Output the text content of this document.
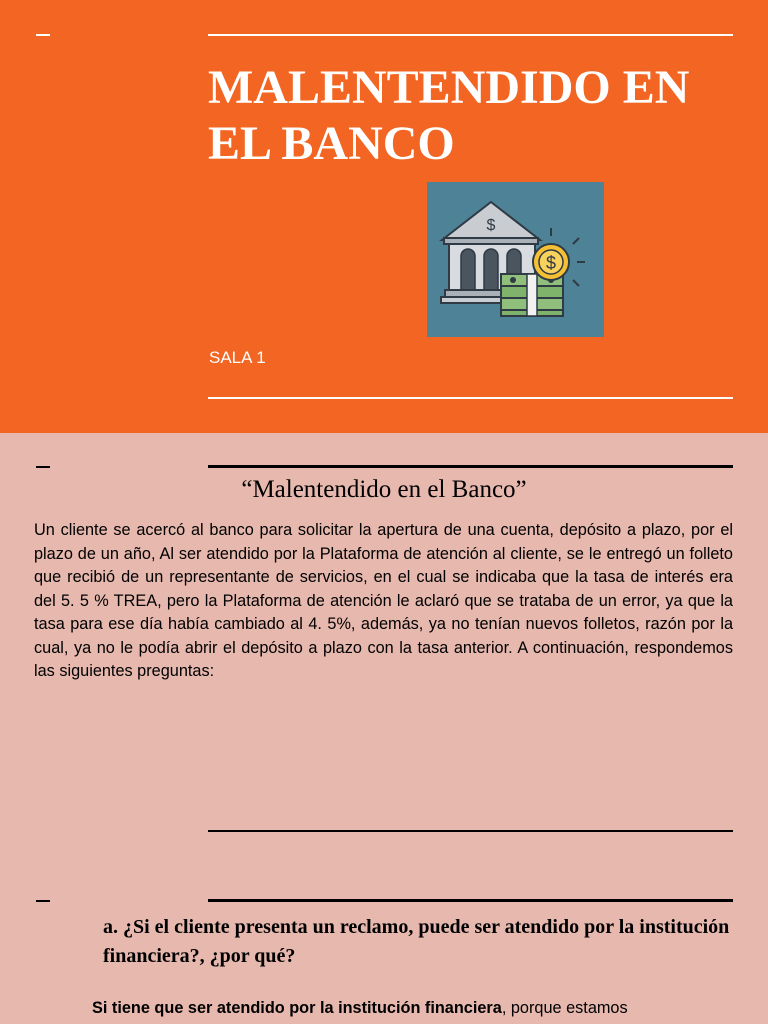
MALENTENDIDO EN
EL BANCO
$
$
SALA 1
“Malentendido en el Banco”

Un cliente se acercó al banco para solicitar la apertura de una cuenta, depósito a plazo, por el plazo de un año, Al ser atendido por la Plataforma de atención al cliente, se le entregó un folleto que recibió de un representante de servicios, en el cual se indicaba que la tasa de interés era del 5. 5 % TREA, pero la Plataforma de atención le aclaró que se trataba de un error, ya que la tasa para ese día había cambiado al 4. 5%, además, ya no tenían nuevos folletos, razón por la cual, ya no le podía abrir el depósito a plazo con la tasa anterior. A continuación, respondemos las siguientes preguntas:

a. ¿Si el cliente presenta un reclamo, puede ser atendido por la institución financiera?, ¿por qué?

Si tiene que ser atendido por la institución financiera, porque estamos
